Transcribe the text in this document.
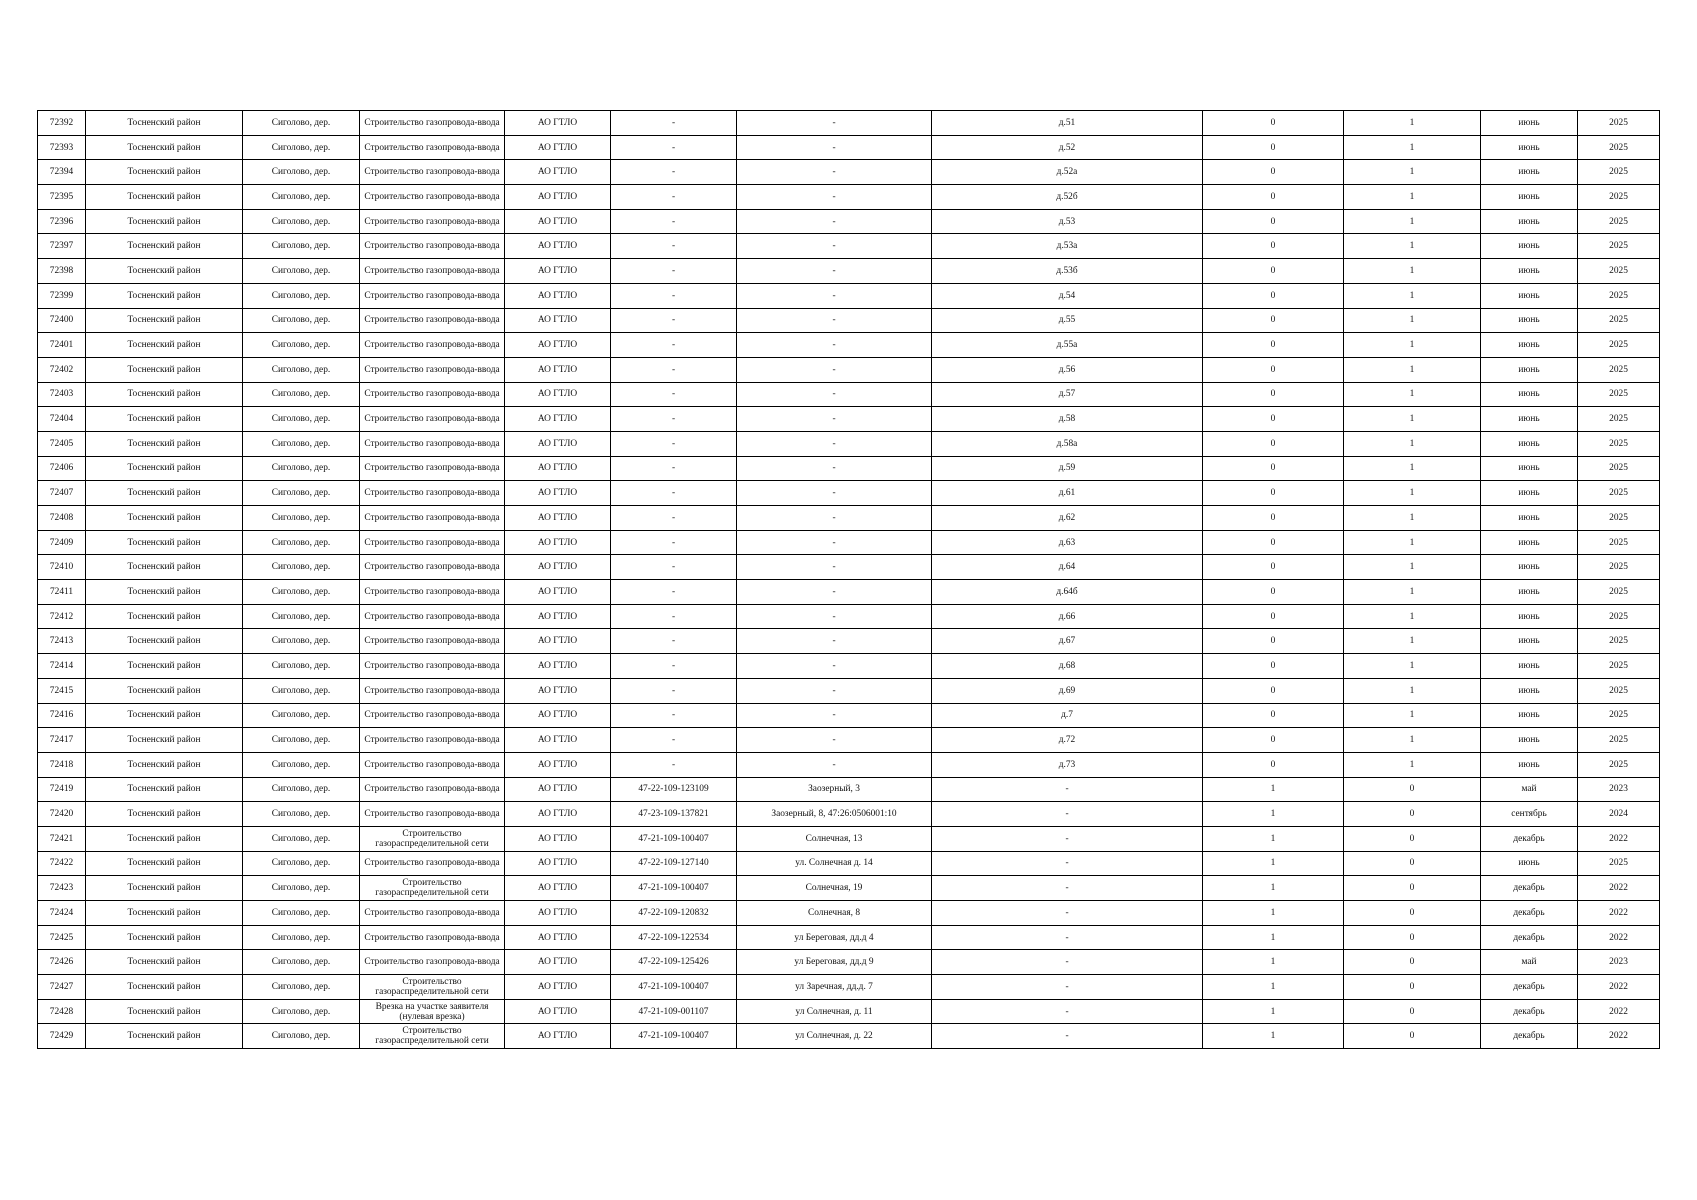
72392	Тосненский район	Сиголово, дер.	Строительство газопровода-ввода	АО ГТЛО	-	-	д.51	0	1	июнь	2025
72393	Тосненский район	Сиголово, дер.	Строительство газопровода-ввода	АО ГТЛО	-	-	д.52	0	1	июнь	2025
72394	Тосненский район	Сиголово, дер.	Строительство газопровода-ввода	АО ГТЛО	-	-	д.52а	0	1	июнь	2025
72395	Тосненский район	Сиголово, дер.	Строительство газопровода-ввода	АО ГТЛО	-	-	д.52б	0	1	июнь	2025
72396	Тосненский район	Сиголово, дер.	Строительство газопровода-ввода	АО ГТЛО	-	-	д.53	0	1	июнь	2025
72397	Тосненский район	Сиголово, дер.	Строительство газопровода-ввода	АО ГТЛО	-	-	д.53а	0	1	июнь	2025
72398	Тосненский район	Сиголово, дер.	Строительство газопровода-ввода	АО ГТЛО	-	-	д.53б	0	1	июнь	2025
72399	Тосненский район	Сиголово, дер.	Строительство газопровода-ввода	АО ГТЛО	-	-	д.54	0	1	июнь	2025
72400	Тосненский район	Сиголово, дер.	Строительство газопровода-ввода	АО ГТЛО	-	-	д.55	0	1	июнь	2025
72401	Тосненский район	Сиголово, дер.	Строительство газопровода-ввода	АО ГТЛО	-	-	д.55а	0	1	июнь	2025
72402	Тосненский район	Сиголово, дер.	Строительство газопровода-ввода	АО ГТЛО	-	-	д.56	0	1	июнь	2025
72403	Тосненский район	Сиголово, дер.	Строительство газопровода-ввода	АО ГТЛО	-	-	д.57	0	1	июнь	2025
72404	Тосненский район	Сиголово, дер.	Строительство газопровода-ввода	АО ГТЛО	-	-	д.58	0	1	июнь	2025
72405	Тосненский район	Сиголово, дер.	Строительство газопровода-ввода	АО ГТЛО	-	-	д.58а	0	1	июнь	2025
72406	Тосненский район	Сиголово, дер.	Строительство газопровода-ввода	АО ГТЛО	-	-	д.59	0	1	июнь	2025
72407	Тосненский район	Сиголово, дер.	Строительство газопровода-ввода	АО ГТЛО	-	-	д.61	0	1	июнь	2025
72408	Тосненский район	Сиголово, дер.	Строительство газопровода-ввода	АО ГТЛО	-	-	д.62	0	1	июнь	2025
72409	Тосненский район	Сиголово, дер.	Строительство газопровода-ввода	АО ГТЛО	-	-	д.63	0	1	июнь	2025
72410	Тосненский район	Сиголово, дер.	Строительство газопровода-ввода	АО ГТЛО	-	-	д.64	0	1	июнь	2025
72411	Тосненский район	Сиголово, дер.	Строительство газопровода-ввода	АО ГТЛО	-	-	д.64б	0	1	июнь	2025
72412	Тосненский район	Сиголово, дер.	Строительство газопровода-ввода	АО ГТЛО	-	-	д.66	0	1	июнь	2025
72413	Тосненский район	Сиголово, дер.	Строительство газопровода-ввода	АО ГТЛО	-	-	д.67	0	1	июнь	2025
72414	Тосненский район	Сиголово, дер.	Строительство газопровода-ввода	АО ГТЛО	-	-	д.68	0	1	июнь	2025
72415	Тосненский район	Сиголово, дер.	Строительство газопровода-ввода	АО ГТЛО	-	-	д.69	0	1	июнь	2025
72416	Тосненский район	Сиголово, дер.	Строительство газопровода-ввода	АО ГТЛО	-	-	д.7	0	1	июнь	2025
72417	Тосненский район	Сиголово, дер.	Строительство газопровода-ввода	АО ГТЛО	-	-	д.72	0	1	июнь	2025
72418	Тосненский район	Сиголово, дер.	Строительство газопровода-ввода	АО ГТЛО	-	-	д.73	0	1	июнь	2025
72419	Тосненский район	Сиголово, дер.	Строительство газопровода-ввода	АО ГТЛО	47-22-109-123109	Заозерный, 3	-	1	0	май	2023
72420	Тосненский район	Сиголово, дер.	Строительство газопровода-ввода	АО ГТЛО	47-23-109-137821	Заозерный, 8, 47:26:0506001:10	-	1	0	сентябрь	2024
72421	Тосненский район	Сиголово, дер.	Строительство газораспределительной сети	АО ГТЛО	47-21-109-100407	Солнечная, 13	-	1	0	декабрь	2022
72422	Тосненский район	Сиголово, дер.	Строительство газопровода-ввода	АО ГТЛО	47-22-109-127140	ул. Солнечная д. 14	-	1	0	июнь	2025
72423	Тосненский район	Сиголово, дер.	Строительство газораспределительной сети	АО ГТЛО	47-21-109-100407	Солнечная, 19	-	1	0	декабрь	2022
72424	Тосненский район	Сиголово, дер.	Строительство газопровода-ввода	АО ГТЛО	47-22-109-120832	Солнечная, 8	-	1	0	декабрь	2022
72425	Тосненский район	Сиголово, дер.	Строительство газопровода-ввода	АО ГТЛО	47-22-109-122534	ул Береговая, дд.д 4	-	1	0	декабрь	2022
72426	Тосненский район	Сиголово, дер.	Строительство газопровода-ввода	АО ГТЛО	47-22-109-125426	ул Береговая, дд.д 9	-	1	0	май	2023
72427	Тосненский район	Сиголово, дер.	Строительство газораспределительной сети	АО ГТЛО	47-21-109-100407	ул Заречная, дд.д. 7	-	1	0	декабрь	2022
72428	Тосненский район	Сиголово, дер.	Врезка на участке заявителя (нулевая врезка)	АО ГТЛО	47-21-109-001107	ул Солнечная, д. 11	-	1	0	декабрь	2022
72429	Тосненский район	Сиголово, дер.	Строительство газораспределительной сети	АО ГТЛО	47-21-109-100407	ул Солнечная, д. 22	-	1	0	декабрь	2022
